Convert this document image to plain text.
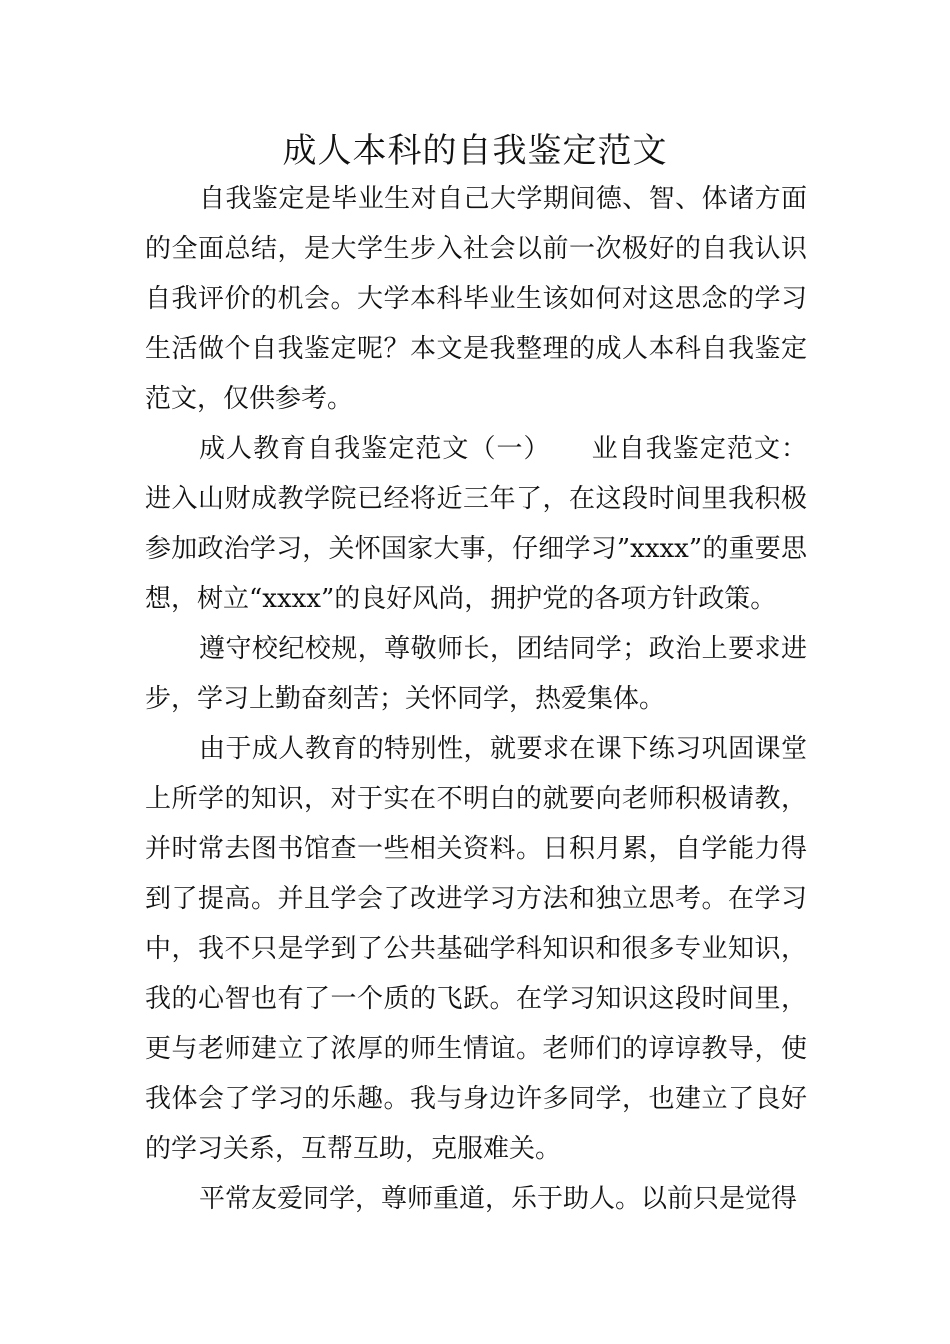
成人本科的自我鉴定范文

自我鉴定是毕业生对自己大学期间德、智、体诸方面的全面总结，是大学生步入社会以前一次极好的自我认识自我评价的机会。大学本科毕业生该如何对这思念的学习生活做个自我鉴定呢？本文是我整理的成人本科自我鉴定范文，仅供参考。

成人教育自我鉴定范文（一）　　业自我鉴定范文：进入山财成教学院已经将近三年了，在这段时间里我积极参加政治学习，关怀国家大事，仔细学习”xxxx”的重要思想，树立“xxxx”的良好风尚，拥护党的各项方针政策。

遵守校纪校规，尊敬师长，团结同学；政治上要求进步，学习上勤奋刻苦；关怀同学，热爱集体。

由于成人教育的特别性，就要求在课下练习巩固课堂上所学的知识，对于实在不明白的就要向老师积极请教，并时常去图书馆查一些相关资料。日积月累，自学能力得到了提高。并且学会了改进学习方法和独立思考。在学习中，我不只是学到了公共基础学科知识和很多专业知识，我的心智也有了一个质的飞跃。在学习知识这段时间里，更与老师建立了浓厚的师生情谊。老师们的谆谆教导，使我体会了学习的乐趣。我与身边许多同学，也建立了良好的学习关系，互帮互助，克服难关。

平常友爱同学，尊师重道，乐于助人。以前只是觉得
